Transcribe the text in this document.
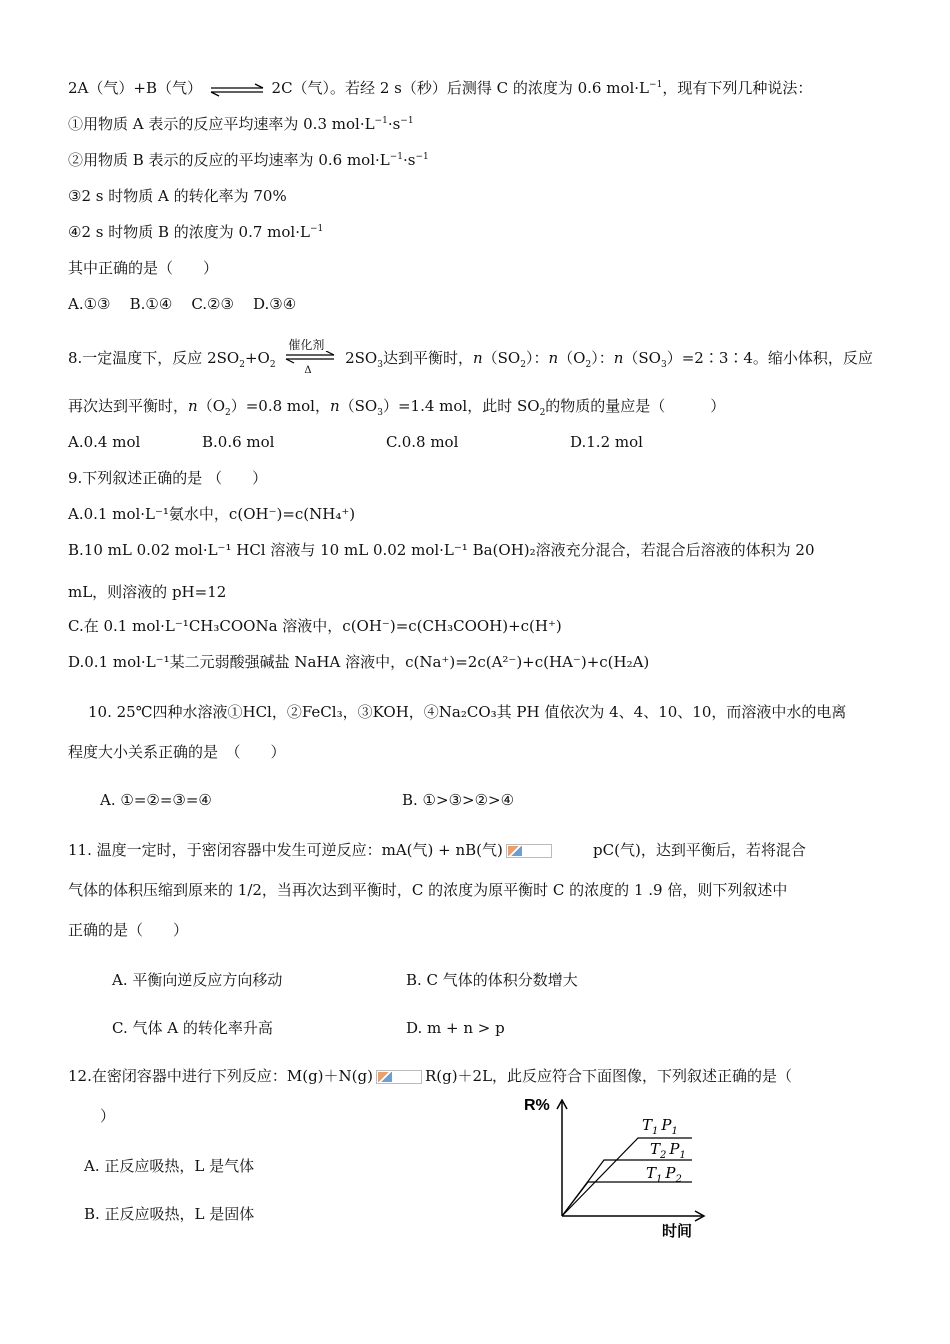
2A（气）+B（气） ⇌ 2C（气）。若经 2 s（秒）后测得 C 的浓度为 0.6 $mol\cdot L^{-1}$，现有下列几种说法：
①用物质 A 表示的反应平均速率为 0.3 $mol\cdot L^{-1}\cdot s^{-1}$
②用物质 B 表示的反应的平均速率为 0.6 $mol\cdot L^{-1}\cdot s^{-1}$
③2 s 时物质 A 的转化率为 70%
④2 s 时物质 B 的浓度为 0.7 $mol\cdot L^{-1}$
其中正确的是（　　）
A.①③ B.①④ C.②③ D.③④
8.一定温度下，反应 $2SO_2+O_2$
催化剂
Δ
$2SO_3$达到平衡时，$n(SO_2)$：$n(O_2)$：$n(SO_3)=2∶3∶4$。缩小体积，反应
再次达到平衡时，$n(O_2)=0.8$ mol，$n(SO_3)=1.4$ mol，此时 $SO_2$的物质的量应是（　　　）
A.0.4 mol	B.0.6 mol	C.0.8 mol	D.1.2 mol
9.下列叙述正确的是 （　　）
A.0.1 mol·L⁻¹氨水中，c(OH⁻)=c(NH₄⁺)
B.10 mL 0.02 mol·L⁻¹ HCl 溶液与 10 mL 0.02 mol·L⁻¹ Ba(OH)₂溶液充分混合，若混合后溶液的体积为 20
mL，则溶液的 pH=12
C.在 0.1 mol·L⁻¹CH₃COONa 溶液中，c(OH⁻)=c(CH₃COOH)+c(H⁺)
D.0.1 mol·L⁻¹某二元弱酸强碱盐 NaHA 溶液中，c(Na⁺)=2c(A²⁻)+c(HA⁻)+c(H₂A)
10. 25℃四种水溶液①HCl，②FeCl₃，③KOH，④Na₂CO₃其 PH 值依次为 4、4、10、10，而溶液中水的电离
程度大小关系正确的是　（　　）
A. ①=②=③=④	B. ①>③>②>④
11. 温度一定时，于密闭容器中发生可逆反应：mA(气) + nB(气)	pC(气)，达到平衡后，若将混合
气体的体积压缩到原来的 1/2，当再次达到平衡时，C 的浓度为原平衡时 C 的浓度的 1 .9 倍，则下列叙述中
正确的是（　　）
A. 平衡向逆反应方向移动	B. C 气体的体积分数增大
C. 气体 A 的转化率升高	D. m + n > p
12.在密闭容器中进行下列反应：M(g)＋N(g)	R(g)＋2L，此反应符合下面图像，下列叙述正确的是（
）
A. 正反应吸热，L 是气体
B. 正反应吸热，L 是固体
R%
时间
$T_1$ $P_1$
$T_2$ $P_1$
$T_1$ $P_2$
